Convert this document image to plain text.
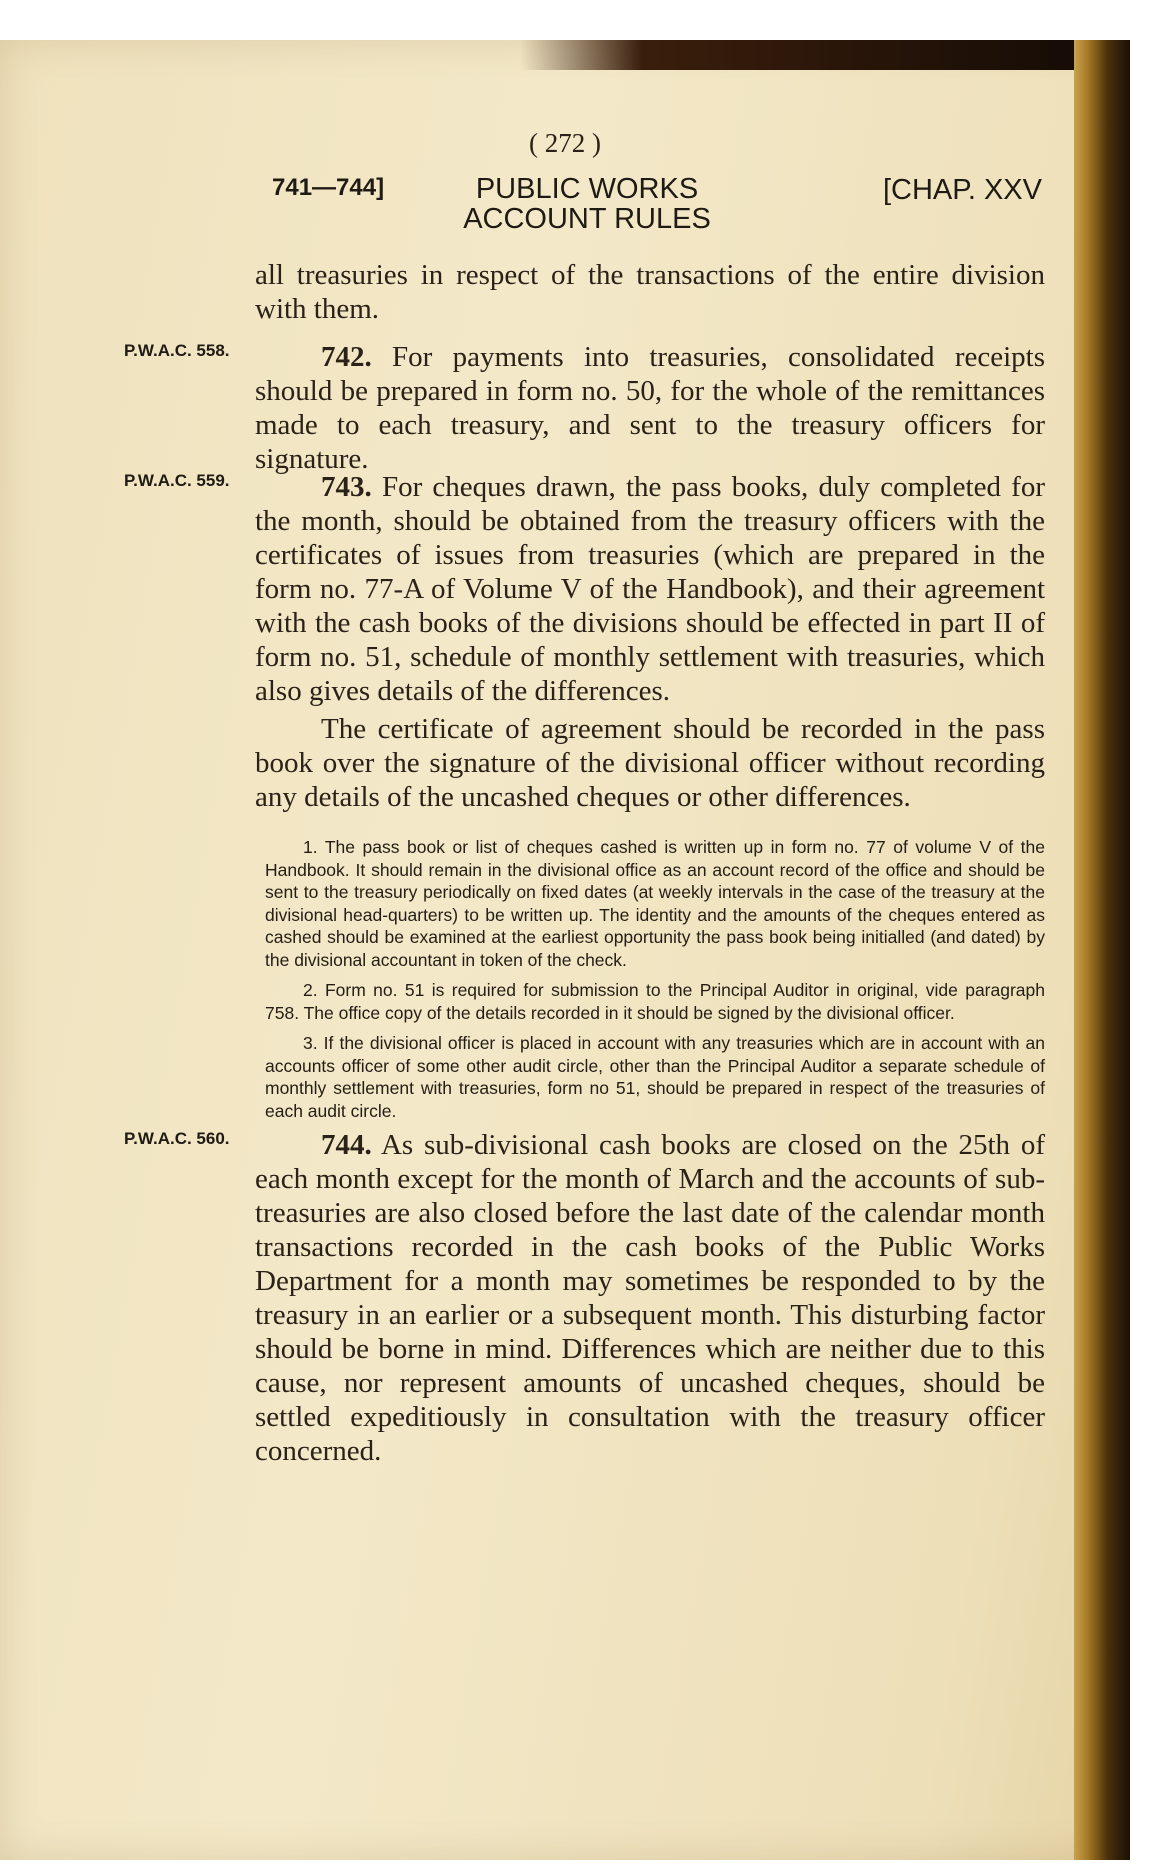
( 272 )
741—744]	PUBLIC WORKS ACCOUNT RULES
[CHAP. XXV

all treasuries in respect of the transactions of the entire division with them.

P.W.A.C. 558.	742. For payments into treasuries, consolidated receipts should be prepared in form no. 50, for the whole of the remittances made to each treasury, and sent to the treasury officers for signature.
P.W.A.C. 559.	743. For cheques drawn, the pass books, duly completed for the month, should be obtained from the treasury officers with the certificates of issues from treasuries (which are prepared in the form no. 77-A of Volume V of the Handbook), and their agreement with the cash books of the divisions should be effected in part II of form no. 51, schedule of monthly settlement with treasuries, which also gives details of the differences.
The certificate of agreement should be recorded in the pass book over the signature of the divisional officer without recording any details of the uncashed cheques or other differences.

1. The pass book or list of cheques cashed is written up in form no. 77 of volume V of the Handbook. It should remain in the divisional office as an account record of the office and should be sent to the treasury periodically on fixed dates (at weekly intervals in the case of the treasury at the divisional head-quarters) to be written up. The identity and the amounts of the cheques entered as cashed should be examined at the earliest opportunity the pass book being initialled (and dated) by the divisional accountant in token of the check.

2. Form no. 51 is required for submission to the Principal Auditor in original, vide paragraph 758. The office copy of the details recorded in it should be signed by the divisional officer.

3. If the divisional officer is placed in account with any treasuries which are in account with an accounts officer of some other audit circle, other than the Principal Auditor a separate schedule of monthly settlement with treasuries, form no 51, should be prepared in respect of the treasuries of each audit circle.

P.W.A.C. 560.	744. As sub-divisional cash books are closed on the 25th of each month except for the month of March and the accounts of sub-treasuries are also closed before the last date of the calendar month transactions recorded in the cash books of the Public Works Department for a month may sometimes be responded to by the treasury in an earlier or a subsequent month. This disturbing factor should be borne in mind. Differences which are neither due to this cause, nor represent amounts of uncashed cheques, should be settled expeditiously in consultation with the treasury officer concerned.
